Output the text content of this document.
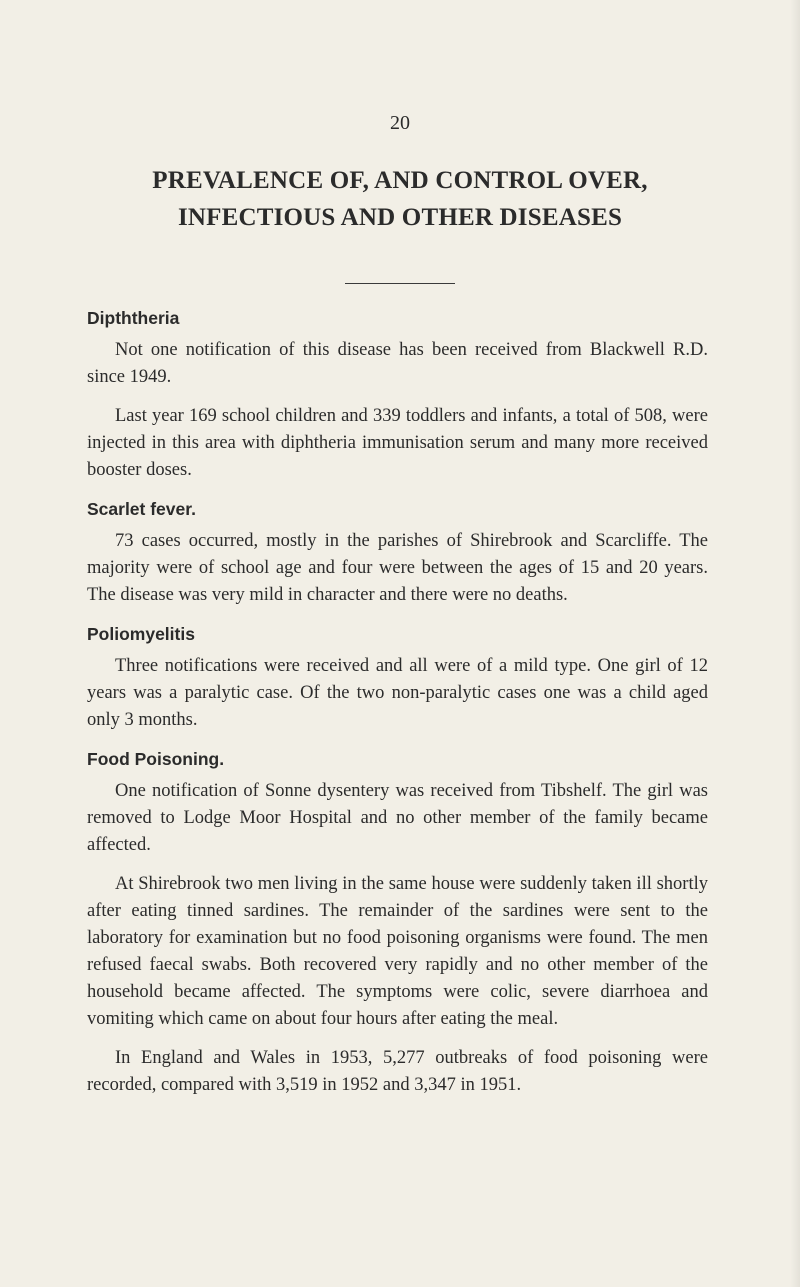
20
PREVALENCE OF, AND CONTROL OVER,
INFECTIOUS AND OTHER DISEASES
Dipththeria

Not one notification of this disease has been received from Blackwell R.D. since 1949.

Last year 169 school children and 339 toddlers and infants, a total of 508, were injected in this area with diphtheria immunisation serum and many more received booster doses.

Scarlet fever.

73 cases occurred, mostly in the parishes of Shirebrook and Scarcliffe. The majority were of school age and four were between the ages of 15 and 20 years. The disease was very mild in character and there were no deaths.

Poliomyelitis

Three notifications were received and all were of a mild type. One girl of 12 years was a paralytic case. Of the two non-paralytic cases one was a child aged only 3 months.

Food Poisoning.

One notification of Sonne dysentery was received from Tibshelf. The girl was removed to Lodge Moor Hospital and no other member of the family became affected.

At Shirebrook two men living in the same house were suddenly taken ill shortly after eating tinned sardines. The remainder of the sardines were sent to the laboratory for examination but no food poisoning organisms were found. The men refused faecal swabs. Both recovered very rapidly and no other member of the household became affected. The symptoms were colic, severe diarrhoea and vomiting which came on about four hours after eating the meal.

In England and Wales in 1953, 5,277 outbreaks of food poisoning were recorded, compared with 3,519 in 1952 and 3,347 in 1951.
